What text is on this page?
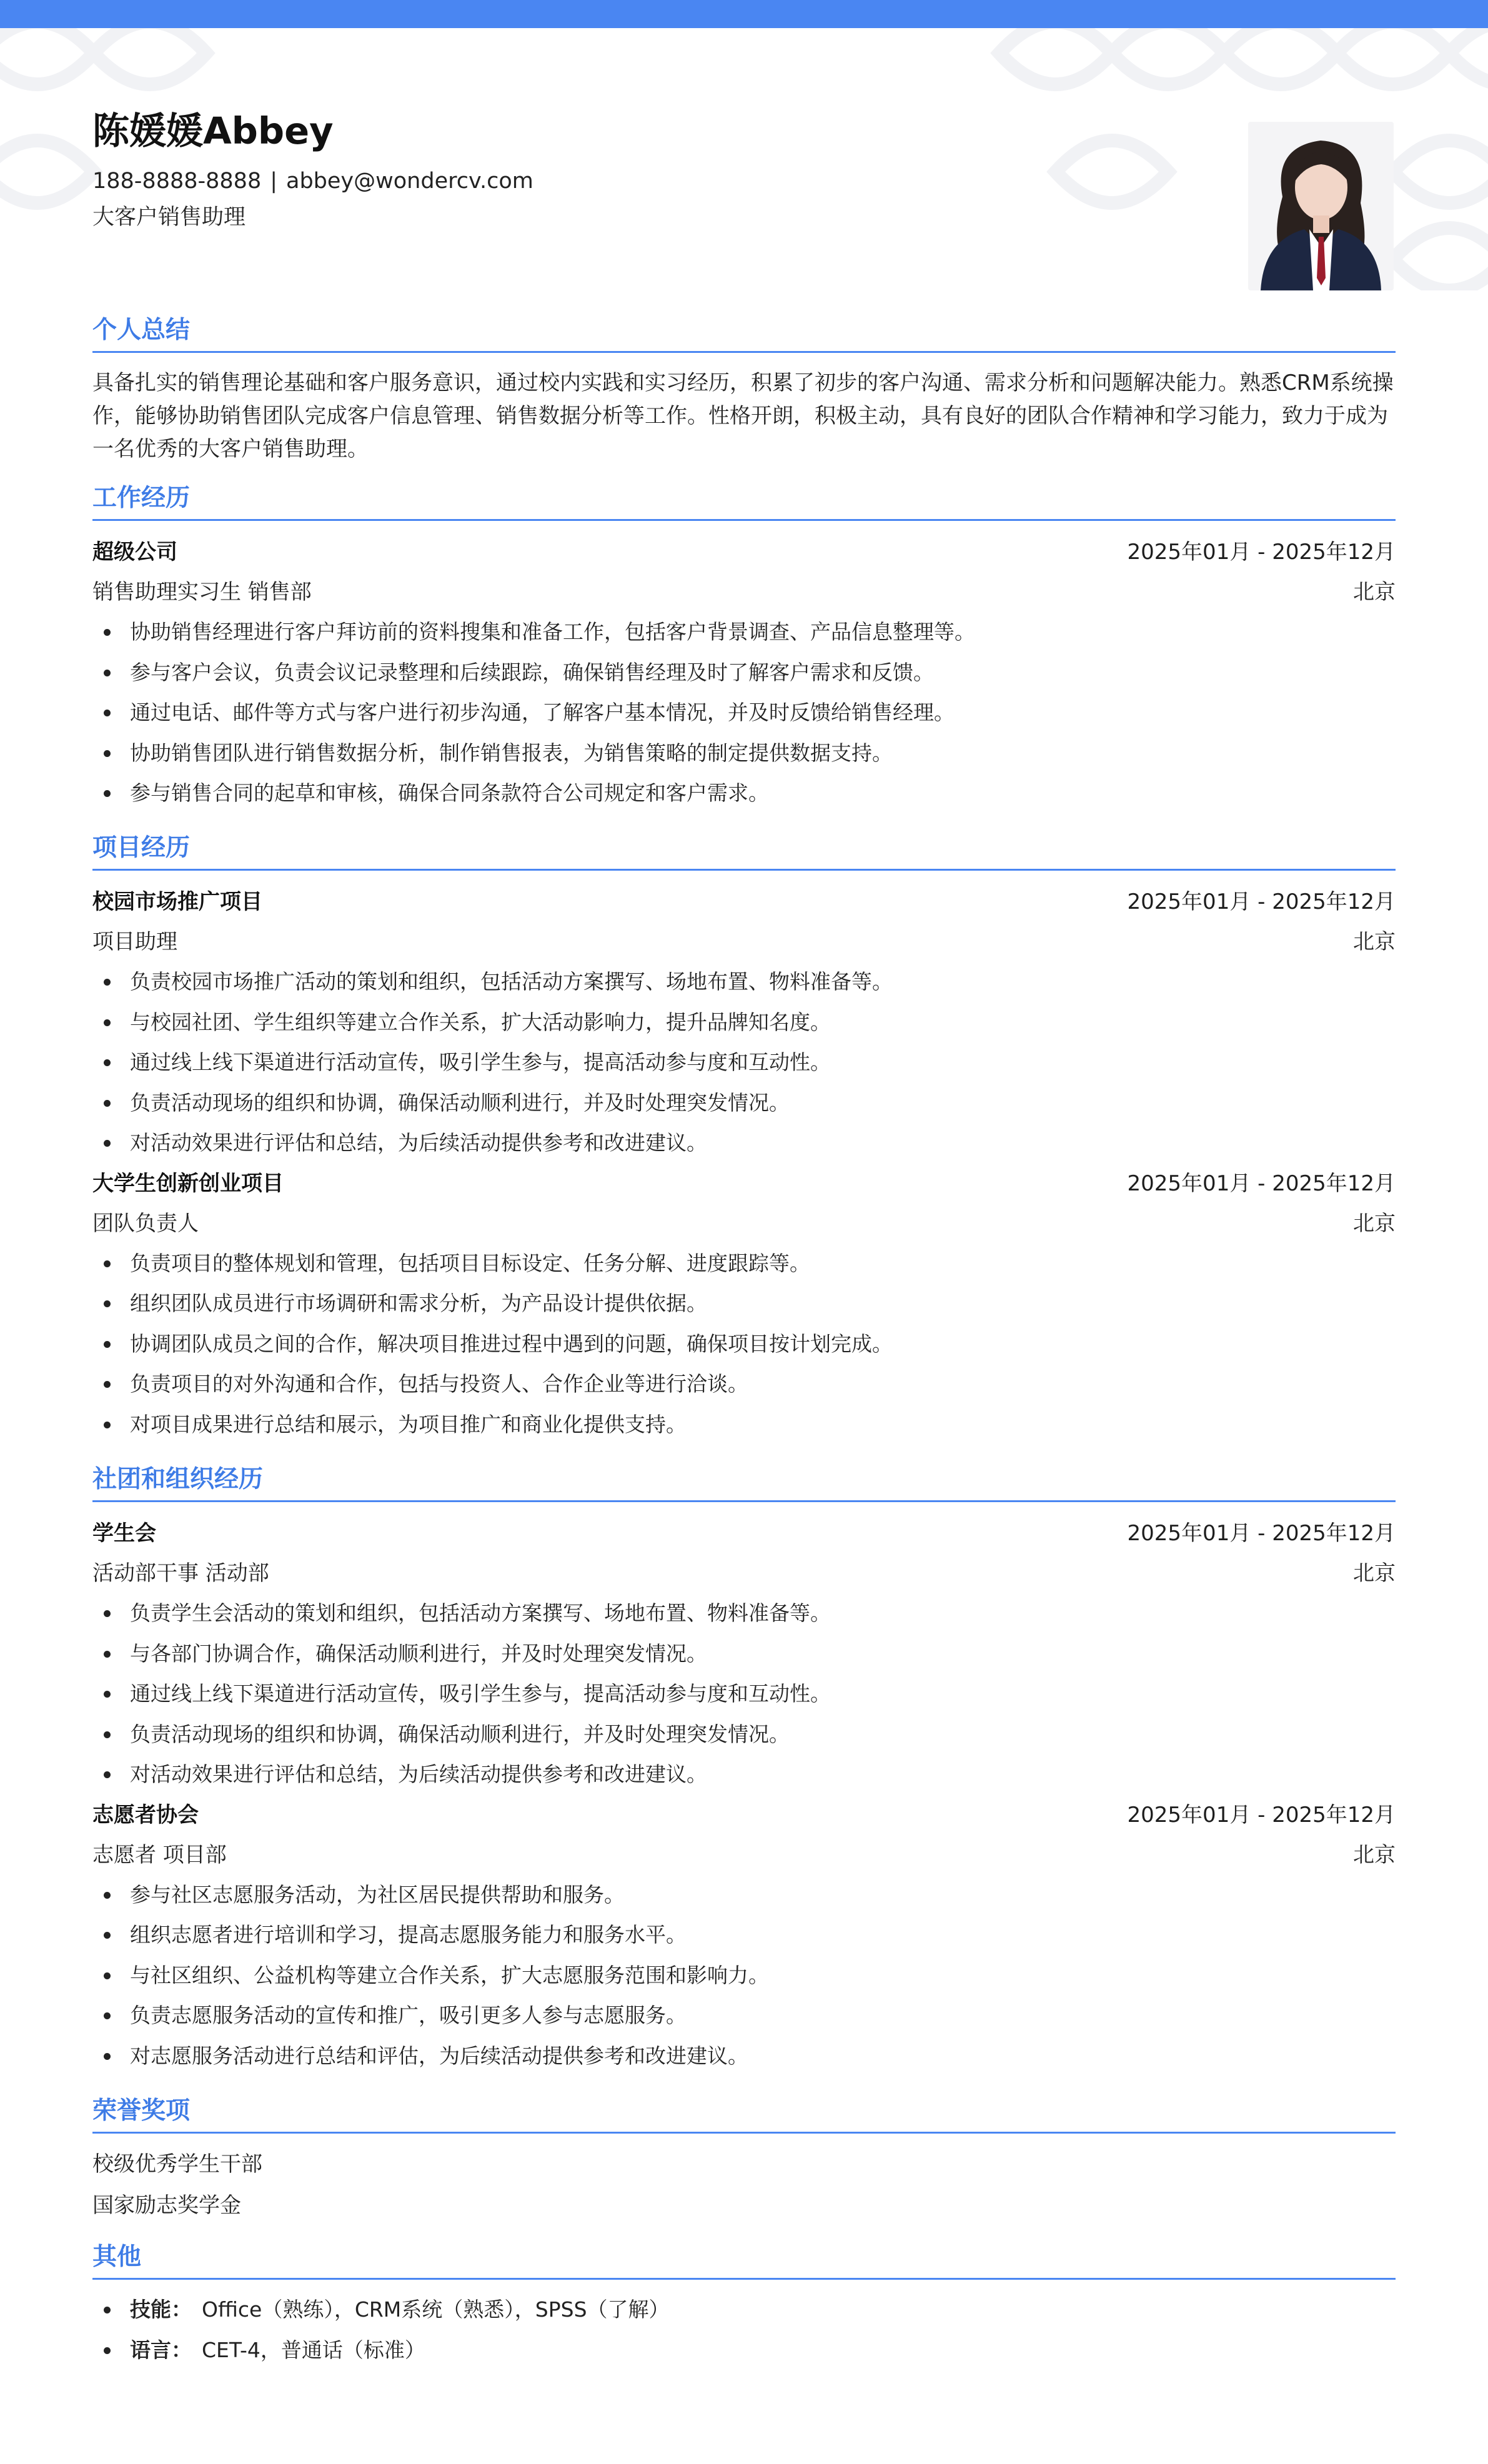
陈媛媛Abbey
188-8888-8888 | abbey@wondercv.com
大客户销售助理
个人总结
具备扎实的销售理论基础和客户服务意识，通过校内实践和实习经历，积累了初步的客户沟通、需求分析和问题解决能力。熟悉CRM系统操作，能够协助销售团队完成客户信息管理、销售数据分析等工作。性格开朗，积极主动，具有良好的团队合作精神和学习能力，致力于成为一名优秀的大客户销售助理。
工作经历
超级公司	2025年01月 - 2025年12月
销售助理实习生 销售部	北京
协助销售经理进行客户拜访前的资料搜集和准备工作，包括客户背景调查、产品信息整理等。
参与客户会议，负责会议记录整理和后续跟踪，确保销售经理及时了解客户需求和反馈。
通过电话、邮件等方式与客户进行初步沟通，了解客户基本情况，并及时反馈给销售经理。
协助销售团队进行销售数据分析，制作销售报表，为销售策略的制定提供数据支持。
参与销售合同的起草和审核，确保合同条款符合公司规定和客户需求。
项目经历
校园市场推广项目	2025年01月 - 2025年12月
项目助理	北京
负责校园市场推广活动的策划和组织，包括活动方案撰写、场地布置、物料准备等。
与校园社团、学生组织等建立合作关系，扩大活动影响力，提升品牌知名度。
通过线上线下渠道进行活动宣传，吸引学生参与，提高活动参与度和互动性。
负责活动现场的组织和协调，确保活动顺利进行，并及时处理突发情况。
对活动效果进行评估和总结，为后续活动提供参考和改进建议。
大学生创新创业项目	2025年01月 - 2025年12月
团队负责人	北京
负责项目的整体规划和管理，包括项目目标设定、任务分解、进度跟踪等。
组织团队成员进行市场调研和需求分析，为产品设计提供依据。
协调团队成员之间的合作，解决项目推进过程中遇到的问题，确保项目按计划完成。
负责项目的对外沟通和合作，包括与投资人、合作企业等进行洽谈。
对项目成果进行总结和展示，为项目推广和商业化提供支持。
社团和组织经历
学生会	2025年01月 - 2025年12月
活动部干事 活动部	北京
负责学生会活动的策划和组织，包括活动方案撰写、场地布置、物料准备等。
与各部门协调合作，确保活动顺利进行，并及时处理突发情况。
通过线上线下渠道进行活动宣传，吸引学生参与，提高活动参与度和互动性。
负责活动现场的组织和协调，确保活动顺利进行，并及时处理突发情况。
对活动效果进行评估和总结，为后续活动提供参考和改进建议。
志愿者协会	2025年01月 - 2025年12月
志愿者 项目部	北京
参与社区志愿服务活动，为社区居民提供帮助和服务。
组织志愿者进行培训和学习，提高志愿服务能力和服务水平。
与社区组织、公益机构等建立合作关系，扩大志愿服务范围和影响力。
负责志愿服务活动的宣传和推广，吸引更多人参与志愿服务。
对志愿服务活动进行总结和评估，为后续活动提供参考和改进建议。
荣誉奖项
校级优秀学生干部
国家励志奖学金
其他
技能： Office（熟练），CRM系统（熟悉），SPSS（了解）
语言： CET-4，普通话（标准）
